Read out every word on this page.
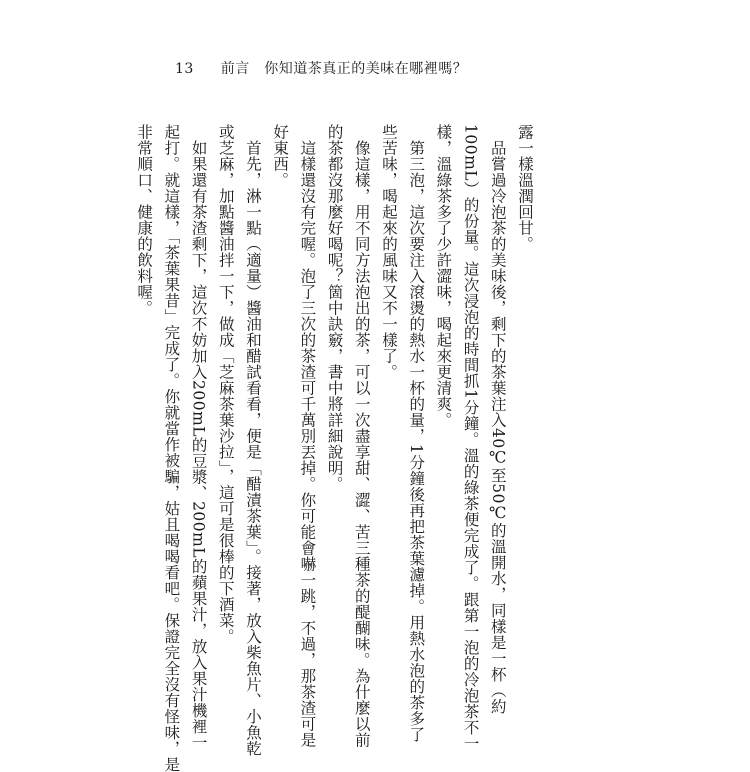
13 前言　你知道茶真正的美味在哪裡嗎？

露一樣溫潤回甘。

品嘗過冷泡茶的美味後，剩下的茶葉注入40℃至50℃的溫開水，同樣是一杯（約

100mL）的份量。這次浸泡的時間抓1分鐘。溫的綠茶便完成了。跟第一泡的冷泡茶不一

樣，溫綠茶多了少許澀味，喝起來更清爽。

第三泡，這次要注入滾燙的熱水一杯的量，1分鐘後再把茶葉濾掉。用熱水泡的茶多了

些苦味，喝起來的風味又不一樣了。

像這樣，用不同方法泡出的茶，可以一次盡享甜、澀、苦三種茶的醍醐味。為什麼以前

的茶都沒那麼好喝呢？箇中訣竅，書中將詳細說明。

這樣還沒有完喔。泡了三次的茶渣可千萬別丟掉。你可能會嚇一跳，不過，那茶渣可是

好東西。

首先，淋一點（適量）醬油和醋試看看，便是「醋漬茶葉」。接著，放入柴魚片、小魚乾

或芝麻，加點醬油拌一下，做成「芝麻茶葉沙拉」，這可是很棒的下酒菜。

如果還有茶渣剩下，這次不妨加入200mL的豆漿、200mL的蘋果汁，放入果汁機裡一

起打。就這樣，「茶葉果昔」完成了。你就當作被騙，姑且喝喝看吧。保證完全沒有怪味，是

非常順口、健康的飲料喔。
